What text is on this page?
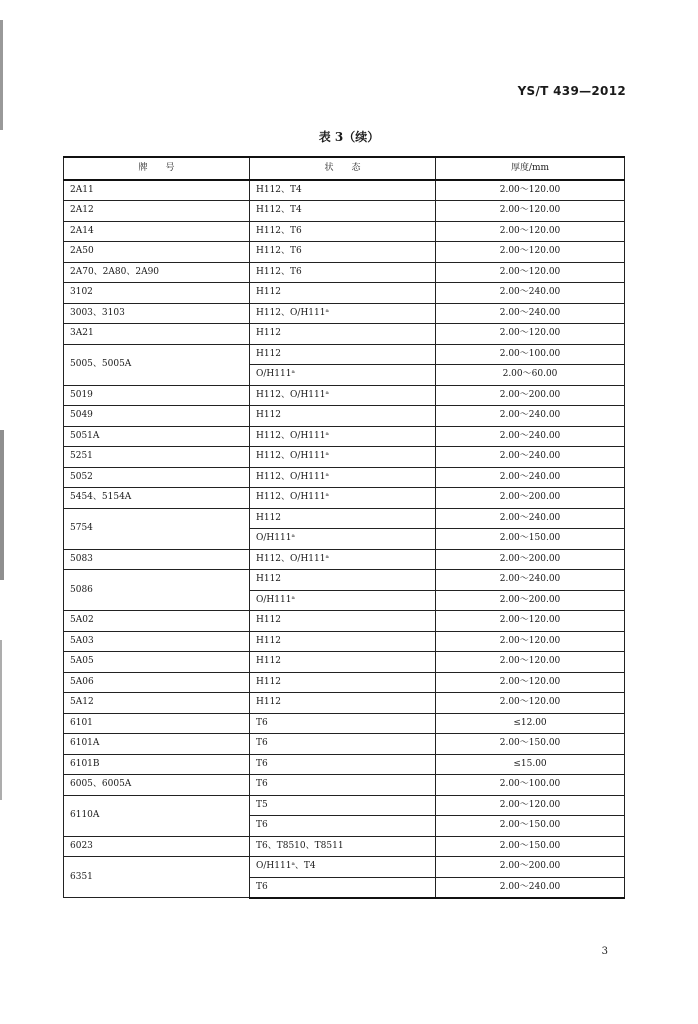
YS/T 439—2012
表 3（续）
牌　　号	状　　态	厚度/mm
2A11	H112、T4	2.00～120.00
2A12	H112、T4	2.00～120.00
2A14	H112、T6	2.00～120.00
2A50	H112、T6	2.00～120.00
2A70、2A80、2A90	H112、T6	2.00～120.00
3102	H112	2.00～240.00
3003、3103	H112、O/H111ᵃ	2.00～240.00
3A21	H112	2.00～120.00
5005、5005A	H112	2.00～100.00
	O/H111ᵃ	2.00～60.00
5019	H112、O/H111ᵃ	2.00～200.00
5049	H112	2.00～240.00
5051A	H112、O/H111ᵃ	2.00～240.00
5251	H112、O/H111ᵃ	2.00～240.00
5052	H112、O/H111ᵃ	2.00～240.00
5454、5154A	H112、O/H111ᵃ	2.00～200.00
5754	H112	2.00～240.00
	O/H111ᵃ	2.00～150.00
5083	H112、O/H111ᵃ	2.00～200.00
5086	H112	2.00～240.00
	O/H111ᵃ	2.00～200.00
5A02	H112	2.00～120.00
5A03	H112	2.00～120.00
5A05	H112	2.00～120.00
5A06	H112	2.00～120.00
5A12	H112	2.00～120.00
6101	T6	≤12.00
6101A	T6	2.00～150.00
6101B	T6	≤15.00
6005、6005A	T6	2.00～100.00
6110A	T5	2.00～120.00
	T6	2.00～150.00
6023	T6、T8510、T8511	2.00～150.00
6351	O/H111ᵃ、T4	2.00～200.00
	T6	2.00～240.00
3
